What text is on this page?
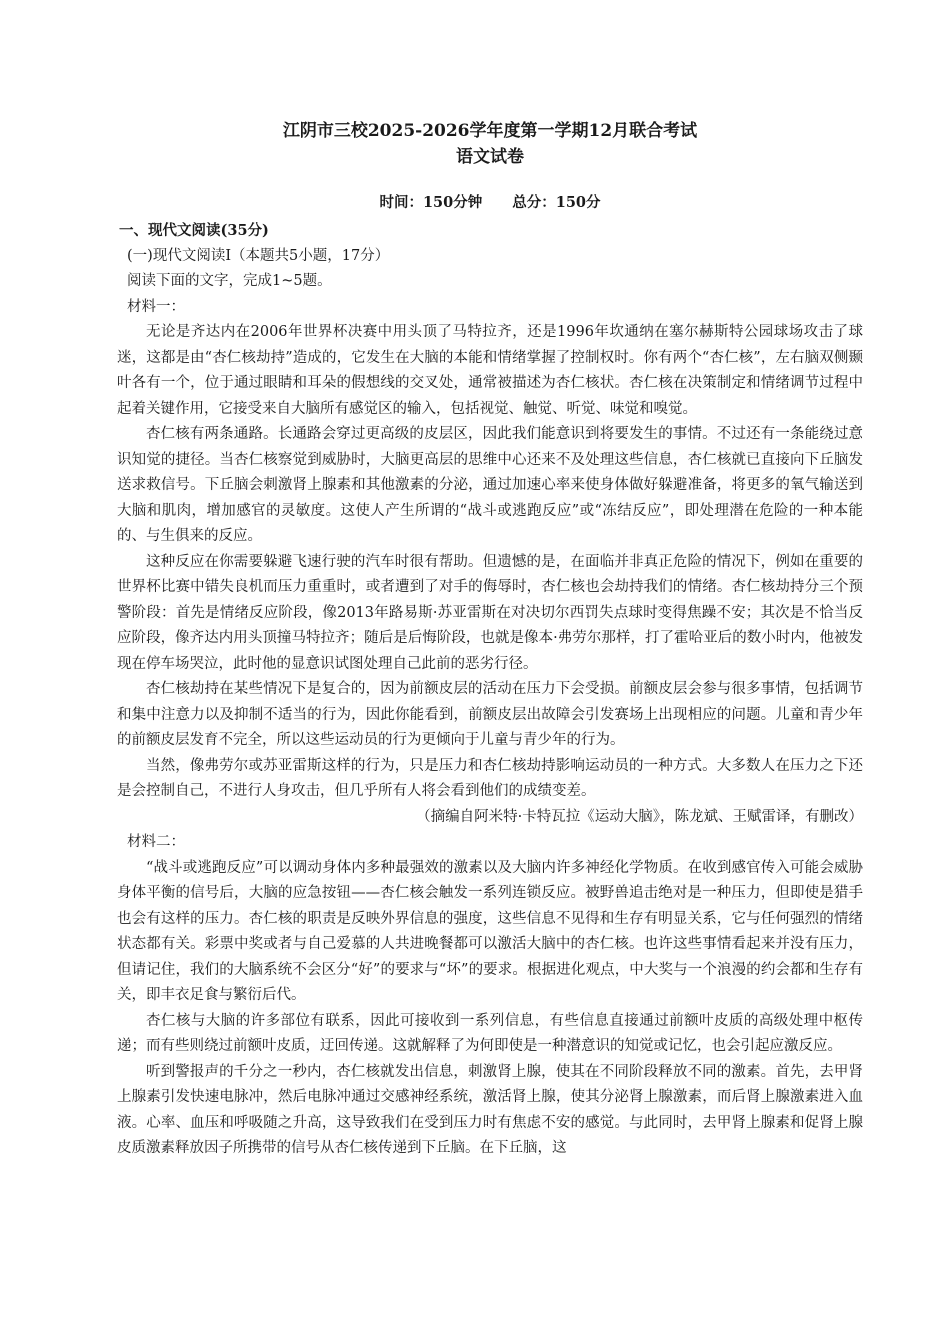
江阴市三校2025-2026学年度第一学期12月联合考试
语文试卷
时间：150分钟 总分：150分
一、现代文阅读(35分)
(一)现代文阅读Ⅰ（本题共5小题，17分）
阅读下面的文字，完成1~5题。
材料一：

无论是齐达内在2006年世界杯决赛中用头顶了马特拉齐，还是1996年坎通纳在塞尔赫斯特公园球场攻击了球迷，这都是由“杏仁核劫持”造成的，它发生在大脑的本能和情绪掌握了控制权时。你有两个“杏仁核”，左右脑双侧颞叶各有一个，位于通过眼睛和耳朵的假想线的交叉处，通常被描述为杏仁核状。杏仁核在决策制定和情绪调节过程中起着关键作用，它接受来自大脑所有感觉区的输入，包括视觉、触觉、听觉、味觉和嗅觉。

杏仁核有两条通路。长通路会穿过更高级的皮层区，因此我们能意识到将要发生的事情。不过还有一条能绕过意识知觉的捷径。当杏仁核察觉到威胁时，大脑更高层的思维中心还来不及处理这些信息，杏仁核就已直接向下丘脑发送求救信号。下丘脑会刺激肾上腺素和其他激素的分泌，通过加速心率来使身体做好躲避准备，将更多的氧气输送到大脑和肌肉，增加感官的灵敏度。这使人产生所谓的“战斗或逃跑反应”或“冻结反应”，即处理潜在危险的一种本能的、与生俱来的反应。

这种反应在你需要躲避飞速行驶的汽车时很有帮助。但遗憾的是，在面临并非真正危险的情况下，例如在重要的世界杯比赛中错失良机而压力重重时，或者遭到了对手的侮辱时，杏仁核也会劫持我们的情绪。杏仁核劫持分三个预警阶段：首先是情绪反应阶段，像2013年路易斯·苏亚雷斯在对决切尔西罚失点球时变得焦躁不安；其次是不恰当反应阶段，像齐达内用头顶撞马特拉齐；随后是后悔阶段，也就是像本·弗劳尔那样，打了霍哈亚后的数小时内，他被发现在停车场哭泣，此时他的显意识试图处理自己此前的恶劣行径。

杏仁核劫持在某些情况下是复合的，因为前额皮层的活动在压力下会受损。前额皮层会参与很多事情，包括调节和集中注意力以及抑制不适当的行为，因此你能看到，前额皮层出故障会引发赛场上出现相应的问题。儿童和青少年的前额皮层发育不完全，所以这些运动员的行为更倾向于儿童与青少年的行为。

当然，像弗劳尔或苏亚雷斯这样的行为，只是压力和杏仁核劫持影响运动员的一种方式。大多数人在压力之下还是会控制自己，不进行人身攻击，但几乎所有人将会看到他们的成绩变差。

（摘编自阿米特·卡特瓦拉《运动大脑》，陈龙斌、王赋雷译，有删改）

材料二：

“战斗或逃跑反应”可以调动身体内多种最强效的激素以及大脑内许多神经化学物质。在收到感官传入可能会威胁身体平衡的信号后，大脑的应急按钮——杏仁核会触发一系列连锁反应。被野兽追击绝对是一种压力，但即使是猎手也会有这样的压力。杏仁核的职责是反映外界信息的强度，这些信息不见得和生存有明显关系，它与任何强烈的情绪状态都有关。彩票中奖或者与自己爱慕的人共进晚餐都可以激活大脑中的杏仁核。也许这些事情看起来并没有压力，但请记住，我们的大脑系统不会区分“好”的要求与“坏”的要求。根据进化观点，中大奖与一个浪漫的约会都和生存有关，即丰衣足食与繁衍后代。

杏仁核与大脑的许多部位有联系，因此可接收到一系列信息，有些信息直接通过前额叶皮质的高级处理中枢传递；而有些则绕过前额叶皮质，迂回传递。这就解释了为何即使是一种潜意识的知觉或记忆，也会引起应激反应。

听到警报声的千分之一秒内，杏仁核就发出信息，刺激肾上腺，使其在不同阶段释放不同的激素。首先，去甲肾上腺素引发快速电脉冲，然后电脉冲通过交感神经系统，激活肾上腺，使其分泌肾上腺激素，而后肾上腺激素进入血液。心率、血压和呼吸随之升高，这导致我们在受到压力时有焦虑不安的感觉。与此同时，去甲肾上腺素和促肾上腺皮质激素释放因子所携带的信号从杏仁核传递到下丘脑。在下丘脑，这
